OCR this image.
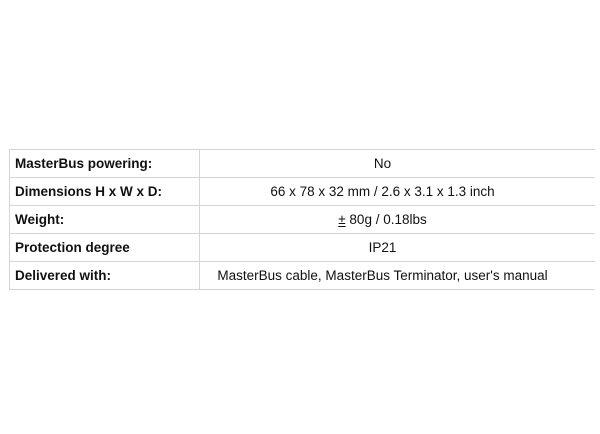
MasterBus powering:	No
Dimensions H x W x D:	66 x 78 x 32 mm / 2.6 x 3.1 x 1.3 inch
Weight:	± 80g / 0.18lbs
Protection degree	IP21
Delivered with:	MasterBus cable, MasterBus Terminator, user's manual
